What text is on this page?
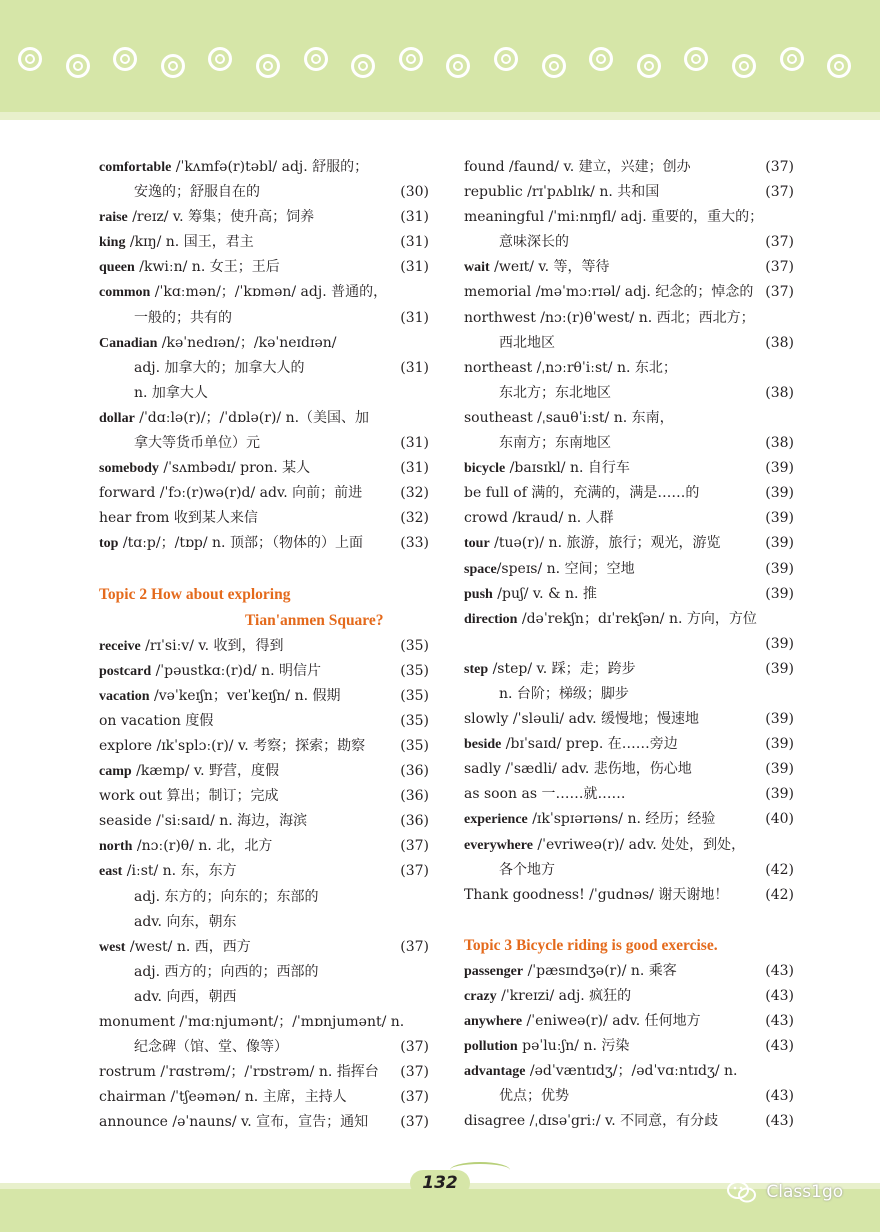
comfortable /ˈkʌmfə(r)təbl/ adj. 舒服的；
安逸的；舒服自在的	(30)
raise /reɪz/ v. 筹集；使升高；饲养	(31)
king /kɪŋ/ n. 国王，君主	(31)
queen /kwiːn/ n. 女王；王后	(31)
common /ˈkɑːmən/；/ˈkɒmən/ adj. 普通的，
一般的；共有的	(31)
Canadian /kəˈnedɪən/；/kəˈneɪdɪən/
adj. 加拿大的；加拿大人的	(31)
n. 加拿大人
dollar /ˈdɑːlə(r)/；/ˈdɒlə(r)/ n.（美国、加
拿大等货币单位）元	(31)
somebody /ˈsʌmbədɪ/ pron. 某人	(31)
forward /ˈfɔː(r)wə(r)d/ adv. 向前；前进	(32)
hear from 收到某人来信	(32)
top /tɑːp/；/tɒp/ n. 顶部；（物体的）上面	(33)
Topic 2 How about exploring
Tian'anmen Square?
receive /rɪˈsiːv/ v. 收到，得到	(35)
postcard /ˈpəustkɑː(r)d/ n. 明信片	(35)
vacation /vəˈkeɪʃn；veɪˈkeɪʃn/ n. 假期	(35)
on vacation 度假	(35)
explore /ɪkˈsplɔː(r)/ v. 考察；探索；勘察	(35)
camp /kæmp/ v. 野营，度假	(36)
work out 算出；制订；完成	(36)
seaside /ˈsiːsaɪd/ n. 海边，海滨	(36)
north /nɔː(r)θ/ n. 北，北方	(37)
east /iːst/ n. 东，东方	(37)
adj. 东方的；向东的；东部的
adv. 向东，朝东
west /west/ n. 西，西方	(37)
adj. 西方的；向西的；西部的
adv. 向西，朝西
monument /ˈmɑːnjumənt/；/ˈmɒnjumənt/ n.
纪念碑（馆、堂、像等）	(37)
rostrum /ˈrɑstrəm/；/ˈrɒstrəm/ n. 指挥台 (37)
chairman /ˈtʃeəmən/ n. 主席，主持人	(37)
announce /əˈnauns/ v. 宣布，宣告；通知 (37)
found /faund/ v. 建立，兴建；创办	(37)
republic /rɪˈpʌblɪk/ n. 共和国	(37)
meaningful /ˈmiːnɪŋfl/ adj. 重要的，重大的；
意味深长的	(37)
wait /weɪt/ v. 等，等待	(37)
memorial /məˈmɔːrɪəl/ adj. 纪念的；悼念的 (37)
northwest /nɔː(r)θˈwest/ n. 西北；西北方；
西北地区	(38)
northeast /ˌnɔːrθˈiːst/ n. 东北；
东北方；东北地区	(38)
southeast /ˌsauθˈiːst/ n. 东南，
东南方；东南地区	(38)
bicycle /baɪsɪkl/ n. 自行车	(39)
be full of 满的，充满的，满是……的	(39)
crowd /kraud/ n. 人群	(39)
tour /tuə(r)/ n. 旅游，旅行；观光，游览	(39)
space/speɪs/ n. 空间；空地	(39)
push /puʃ/ v. & n. 推	(39)
direction /dəˈrekʃn；dɪˈrekʃən/ n. 方向，方位
(39)
step /step/ v. 踩；走；跨步	(39)
n. 台阶；梯级；脚步
slowly /ˈsləuli/ adv. 缓慢地；慢速地	(39)
beside /bɪˈsaɪd/ prep. 在……旁边	(39)
sadly /ˈsædli/ adv. 悲伤地，伤心地	(39)
as soon as 一……就……	(39)
experience /ɪkˈspɪərɪəns/ n. 经历；经验	(40)
everywhere /ˈevriweə(r)/ adv. 处处，到处，
各个地方	(42)
Thank goodness! /ˈgudnəs/ 谢天谢地！	(42)
Topic 3 Bicycle riding is good exercise.
passenger /ˈpæsɪndʒə(r)/ n. 乘客	(43)
crazy /ˈkreɪzi/ adj. 疯狂的	(43)
anywhere /ˈeniweə(r)/ adv. 任何地方	(43)
pollution pəˈluːʃn/ n. 污染	(43)
advantage /ədˈvæntɪdʒ/；/ədˈvɑːntɪdʒ/ n.
优点；优势	(43)
disagree /ˌdɪsəˈgriː/ v. 不同意，有分歧	(43)
132	Class1go
